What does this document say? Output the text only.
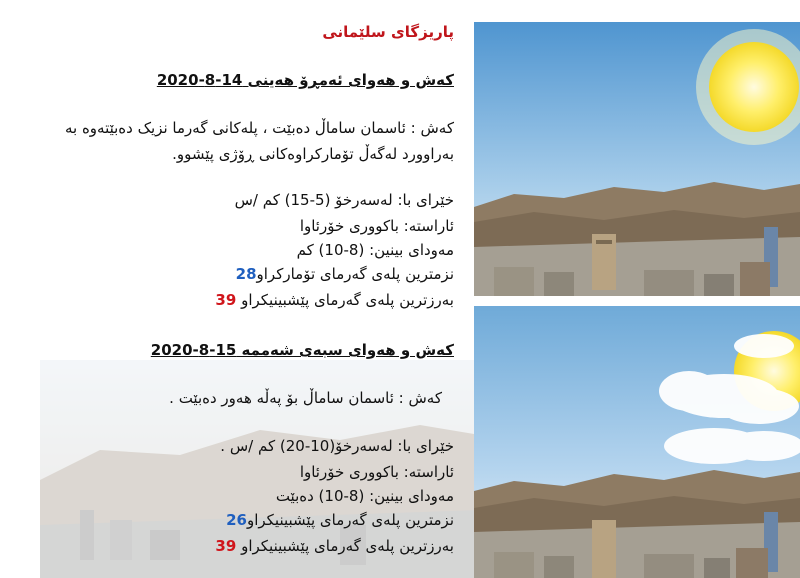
پاریزگای سلێمانی
کەش و هەوای ئەمڕۆ هەینی 14-8-2020
کەش : ئاسمان ساماڵ دەبێت ، پلەکانی گەرما نزیک دەبێتەوە بە
بەراوورد لەگەڵ تۆمارکراوەکانی ڕۆژی پێشوو.
خێرای با: لەسەرخۆ (5-15) کم /س
ئاراستە: باکووری خۆرئاوا
مەودای بینین: (8-10) کم
نزمترین پلەی گەرمای تۆمارکراو28
بەرزترین پلەی گەرمای پێشبینیکراو 39
کەش و هەوای سبەی شەممە 15-8-2020
کەش : ئاسمان ساماڵ بۆ پەڵە هەور دەبێت .
خێرای با: لەسەرخۆ(10-20) کم /س .
ئاراستە: باکووری خۆرئاوا
مەودای بینین: (8-10) دەبێت
نزمترین پلەی گەرمای پێشبینیکراو26
بەرزترین پلەی گەرمای پێشبینیکراو 39
